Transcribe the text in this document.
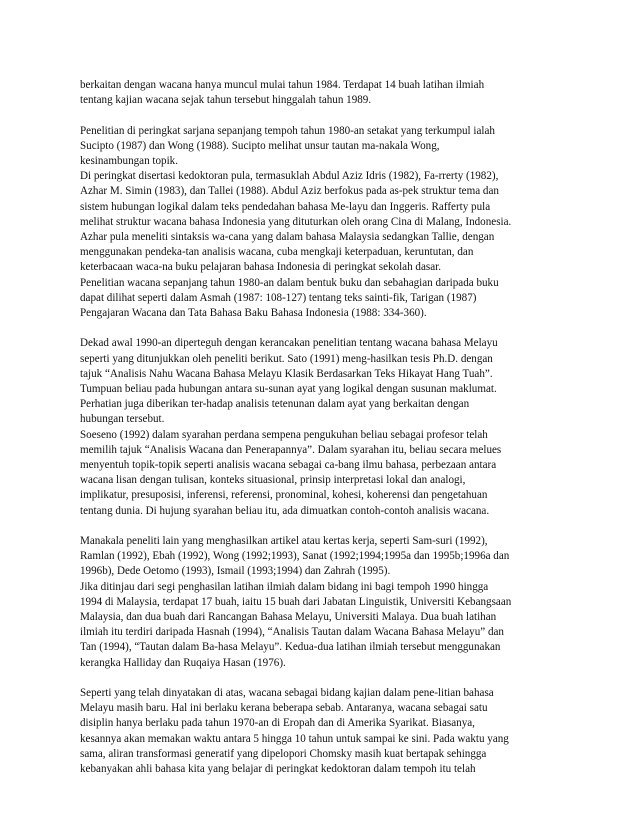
berkaitan dengan wacana hanya muncul mulai tahun 1984. Terdapat 14 buah latihan ilmiah

tentang kajian wacana sejak tahun tersebut hinggalah tahun 1989.

Penelitian di peringkat sarjana sepanjang tempoh tahun 1980-an setakat yang terkumpul ialah

Sucipto (1987) dan Wong (1988). Sucipto melihat unsur tautan ma-nakala Wong,

kesinambungan topik.

Di peringkat disertasi kedoktoran pula, termasuklah Abdul Aziz Idris (1982), Fa-rrerty (1982),

Azhar M. Simin (1983), dan Tallei (1988). Abdul Aziz berfokus pada as-pek struktur tema dan

sistem hubungan logikal dalam teks pendedahan bahasa Me-layu dan Inggeris. Rafferty pula

melihat struktur wacana bahasa Indonesia yang dituturkan oleh orang Cina di Malang, Indonesia.

Azhar pula meneliti sintaksis wa-cana yang dalam bahasa Malaysia sedangkan Tallie, dengan

menggunakan pendeka-tan analisis wacana, cuba mengkaji keterpaduan, keruntutan, dan

keterbacaan waca-na buku pelajaran bahasa Indonesia di peringkat sekolah dasar.

Penelitian wacana sepanjang tahun 1980-an dalam bentuk buku dan sebahagian daripada buku

dapat dilihat seperti dalam Asmah (1987: 108-127) tentang teks sainti-fik, Tarigan (1987)

Pengajaran Wacana dan Tata Bahasa Baku Bahasa Indonesia (1988: 334-360).

Dekad awal 1990-an diperteguh dengan kerancakan penelitian tentang wacana bahasa Melayu

seperti yang ditunjukkan oleh peneliti berikut. Sato (1991) meng-hasilkan tesis Ph.D. dengan

tajuk “Analisis Nahu Wacana Bahasa Melayu Klasik Berdasarkan Teks Hikayat Hang Tuah”.

Tumpuan beliau pada hubungan antara su-sunan ayat yang logikal dengan susunan maklumat.

Perhatian juga diberikan ter-hadap analisis tetenunan dalam ayat yang berkaitan dengan

hubungan tersebut.

Soeseno (1992) dalam syarahan perdana sempena pengukuhan beliau sebagai profesor telah

memilih tajuk “Analisis Wacana dan Penerapannya”. Dalam syarahan itu, beliau secara melues

menyentuh topik-topik seperti analisis wacana sebagai ca-bang ilmu bahasa, perbezaan antara

wacana lisan dengan tulisan, konteks situasional, prinsip interpretasi lokal dan analogi,

implikatur, presuposisi, inferensi, referensi, pronominal, kohesi, koherensi dan pengetahuan

tentang dunia. Di hujung syarahan beliau itu, ada dimuatkan contoh-contoh analisis wacana.

Manakala peneliti lain yang menghasilkan artikel atau kertas kerja, seperti Sam-suri (1992),

Ramlan (1992), Ebah (1992), Wong (1992;1993), Sanat (1992;1994;1995a dan 1995b;1996a dan

1996b), Dede Oetomo (1993), Ismail (1993;1994) dan Zahrah (1995).

Jika ditinjau dari segi penghasilan latihan ilmiah dalam bidang ini bagi tempoh 1990 hingga

1994 di Malaysia, terdapat 17 buah, iaitu 15 buah dari Jabatan Linguistik, Universiti Kebangsaan

Malaysia, dan dua buah dari Rancangan Bahasa Melayu, Universiti Malaya. Dua buah latihan

ilmiah itu terdiri daripada Hasnah (1994), “Analisis Tautan dalam Wacana Bahasa Melayu” dan

Tan (1994), “Tautan dalam Ba-hasa Melayu”. Kedua-dua latihan ilmiah tersebut menggunakan

kerangka Halliday dan Ruqaiya Hasan (1976).

Seperti yang telah dinyatakan di atas, wacana sebagai bidang kajian dalam pene-litian bahasa

Melayu masih baru. Hal ini berlaku kerana beberapa sebab. Antaranya, wacana sebagai satu

disiplin hanya berlaku pada tahun 1970-an di Eropah dan di Amerika Syarikat. Biasanya,

kesannya akan memakan waktu antara 5 hingga 10 tahun untuk sampai ke sini. Pada waktu yang

sama, aliran transformasi generatif yang dipelopori Chomsky masih kuat bertapak sehingga

kebanyakan ahli bahasa kita yang belajar di peringkat kedoktoran dalam tempoh itu telah
